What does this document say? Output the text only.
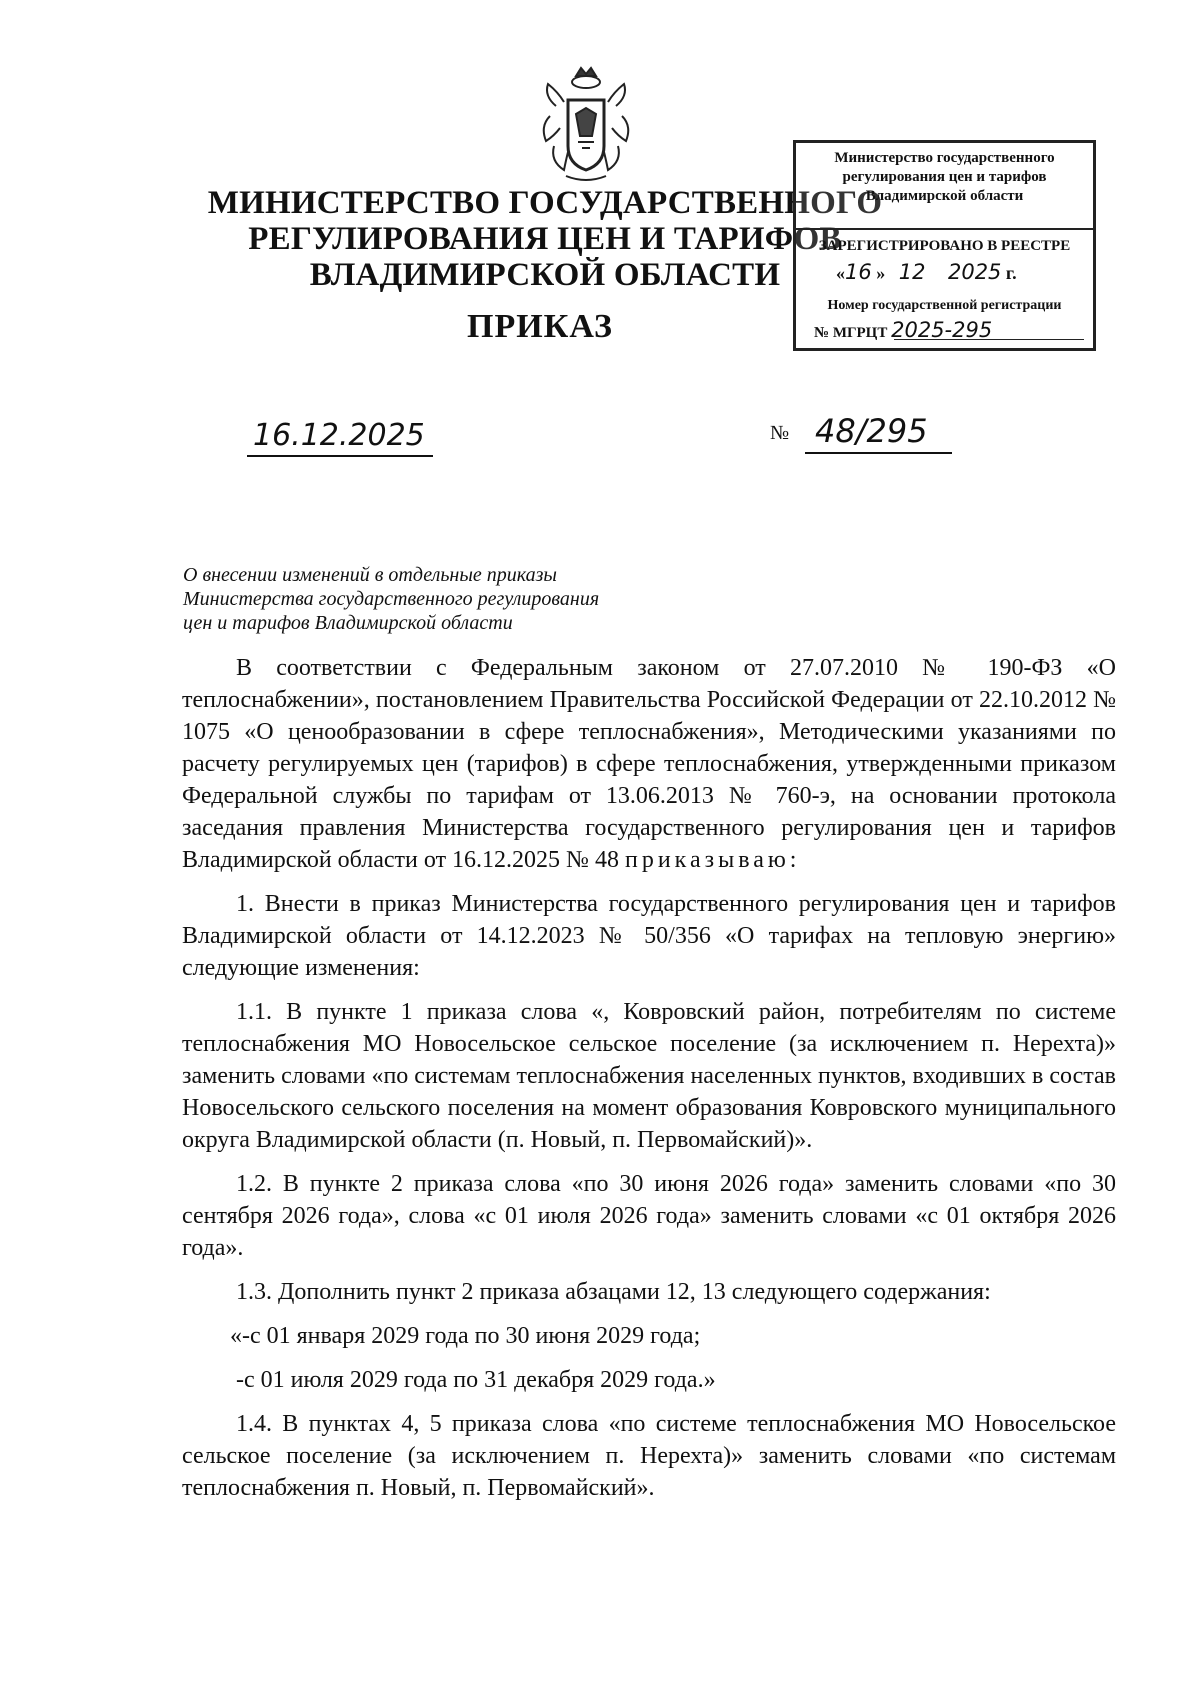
МИНИСТЕРСТВО ГОСУДАРСТВЕННОГО
РЕГУЛИРОВАНИЯ ЦЕН И ТАРИФОВ
ВЛАДИМИРСКОЙ ОБЛАСТИ
ПРИКАЗ
Министерство государственного
регулирования цен и тарифов
Владимирской области
ЗАРЕГИСТРИРОВАНО В РЕЕСТРЕ
«16 » 12 2025 г.
Номер государственной регистрации
№ МГРЦТ 2025-295
16.12.2025	№ 48/295
О внесении изменений в отдельные приказы
Министерства государственного регулирования
цен и тарифов Владимирской области

В соответствии с Федеральным законом от 27.07.2010 № 190-ФЗ «О теплоснабжении», постановлением Правительства Российской Федерации от 22.10.2012 № 1075 «О ценообразовании в сфере теплоснабжения», Методическими указаниями по расчету регулируемых цен (тарифов) в сфере теплоснабжения, утвержденными приказом Федеральной службы по тарифам от 13.06.2013 № 760-э, на основании протокола заседания правления Министерства государственного регулирования цен и тарифов Владимирской области от 16.12.2025 № 48 приказываю:

1. Внести в приказ Министерства государственного регулирования цен и тарифов Владимирской области от 14.12.2023 № 50/356 «О тарифах на тепловую энергию» следующие изменения:

1.1. В пункте 1 приказа слова «, Ковровский район, потребителям по системе теплоснабжения МО Новосельское сельское поселение (за исключением п. Нерехта)» заменить словами «по системам теплоснабжения населенных пунктов, входивших в состав Новосельского сельского поселения на момент образования Ковровского муниципального округа Владимирской области (п. Новый, п. Первомайский)».

1.2. В пункте 2 приказа слова «по 30 июня 2026 года» заменить словами «по 30 сентября 2026 года», слова «с 01 июля 2026 года» заменить словами «с 01 октября 2026 года».

1.3. Дополнить пункт 2 приказа абзацами 12, 13 следующего содержания:

«-с 01 января 2029 года по 30 июня 2029 года;

-с 01 июля 2029 года по 31 декабря 2029 года.»

1.4. В пунктах 4, 5 приказа слова «по системе теплоснабжения МО Новосельское сельское поселение (за исключением п. Нерехта)» заменить словами «по системам теплоснабжения п. Новый, п. Первомайский».
